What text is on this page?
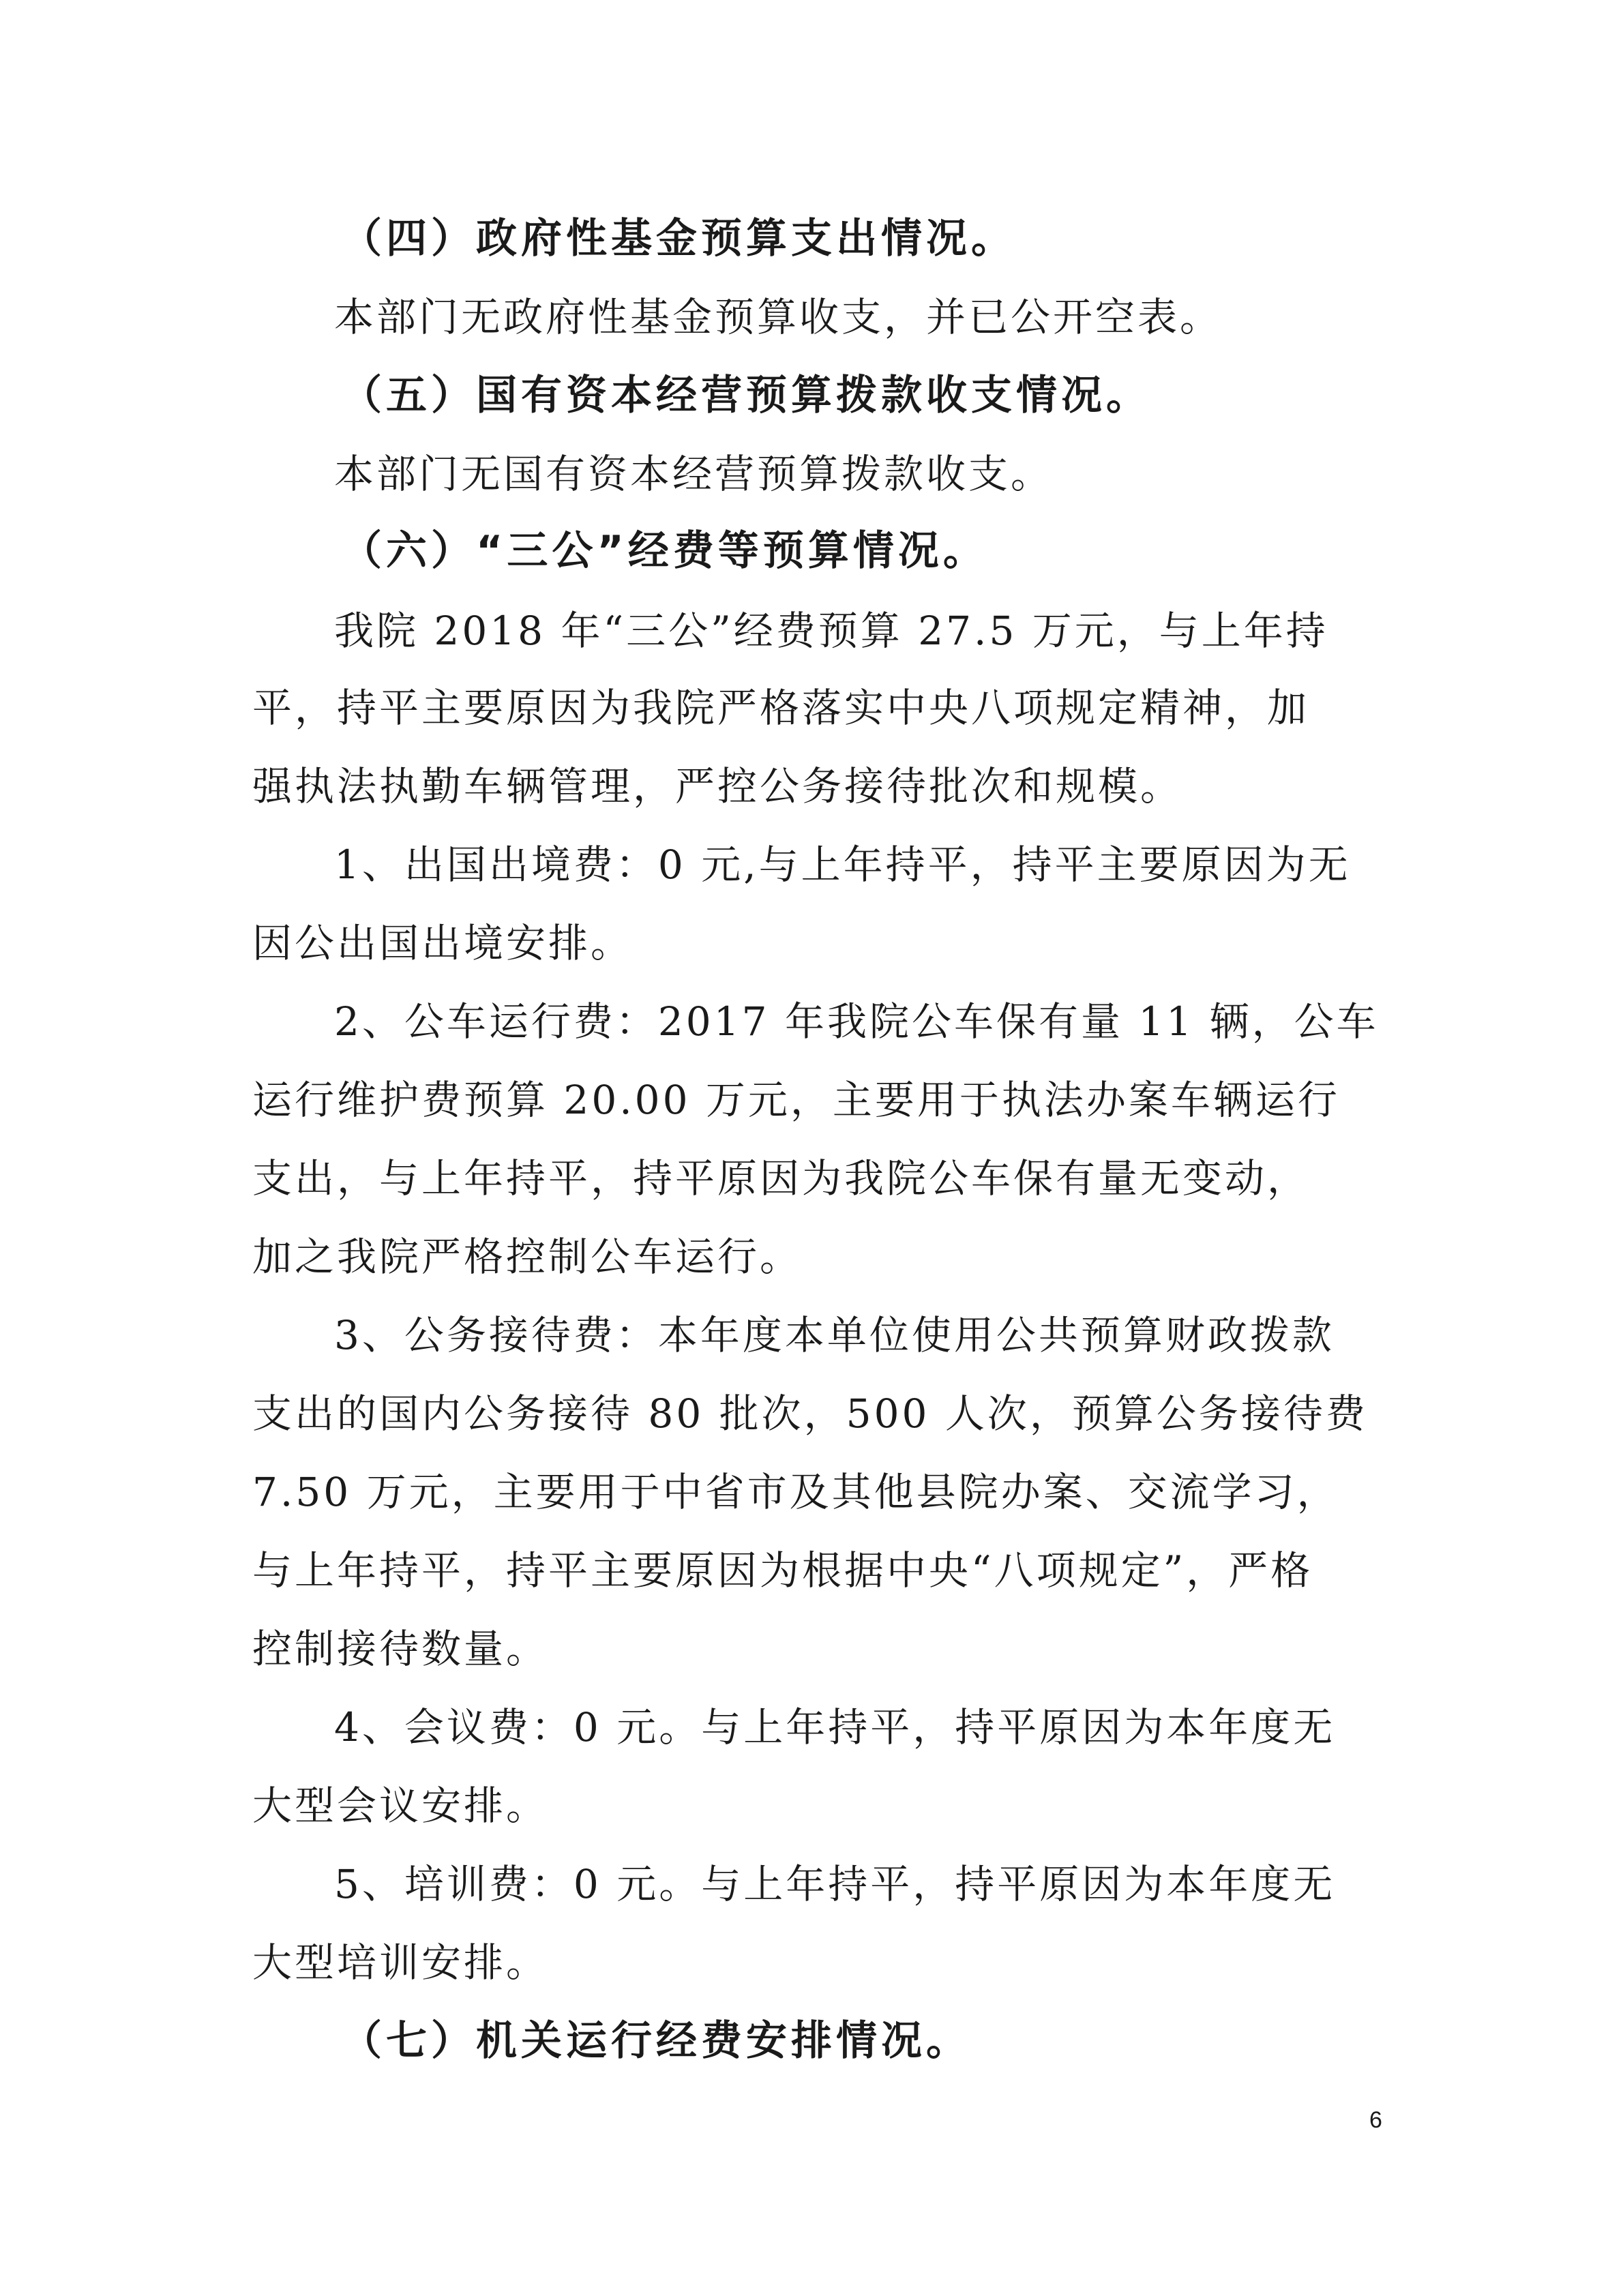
（四）政府性基金预算支出情况。
本部门无政府性基金预算收支，并已公开空表。
（五）国有资本经营预算拨款收支情况。
本部门无国有资本经营预算拨款收支。
（六）“三公”经费等预算情况。
我院 2018 年“三公”经费预算 27.5 万元，与上年持
平，持平主要原因为我院严格落实中央八项规定精神，加
强执法执勤车辆管理，严控公务接待批次和规模。
1、出国出境费：0 元,与上年持平，持平主要原因为无
因公出国出境安排。
2、公车运行费：2017 年我院公车保有量 11 辆，公车
运行维护费预算 20.00 万元，主要用于执法办案车辆运行
支出，与上年持平，持平原因为我院公车保有量无变动，
加之我院严格控制公车运行。
3、公务接待费：本年度本单位使用公共预算财政拨款
支出的国内公务接待 80 批次，500 人次，预算公务接待费
7.50 万元，主要用于中省市及其他县院办案、交流学习，
与上年持平，持平主要原因为根据中央“八项规定”，严格
控制接待数量。
4、会议费：0 元。与上年持平，持平原因为本年度无
大型会议安排。
5、培训费：0 元。与上年持平，持平原因为本年度无
大型培训安排。
（七）机关运行经费安排情况。
6
